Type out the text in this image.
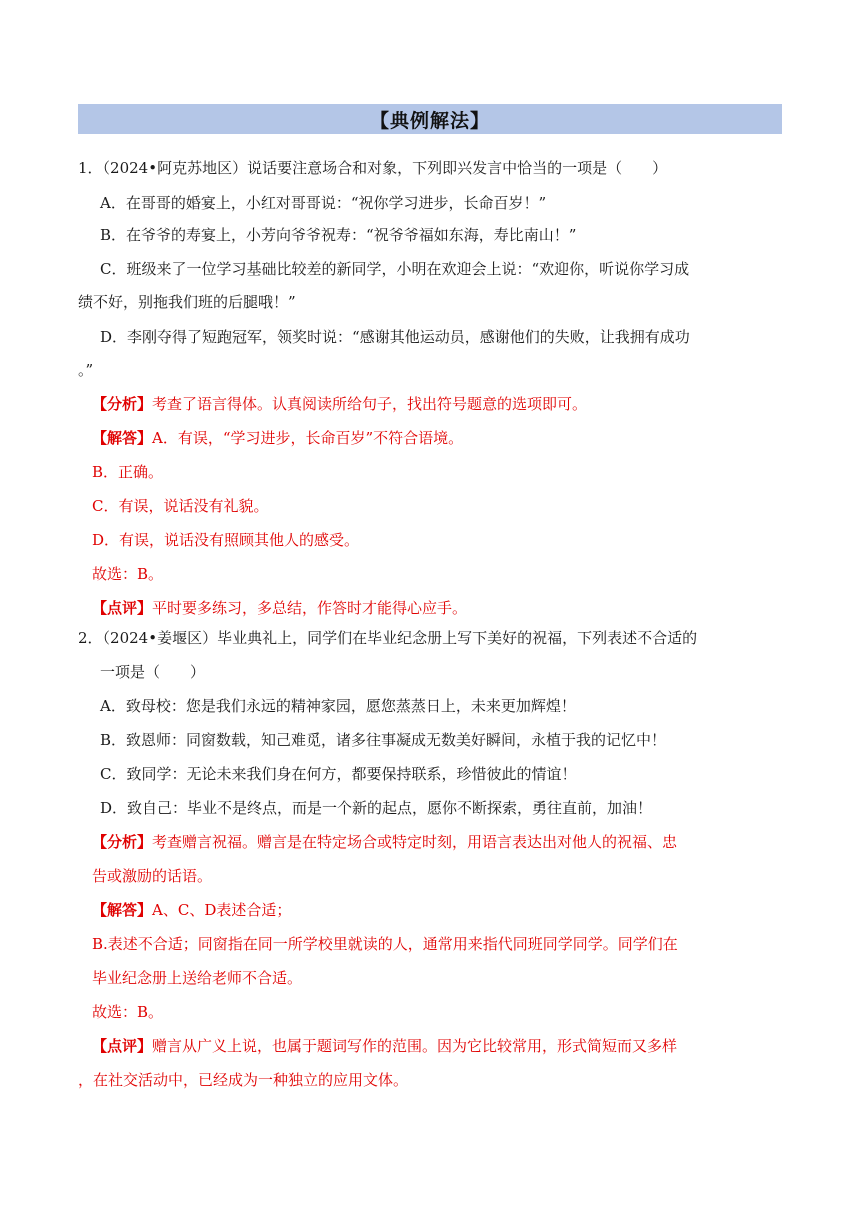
【典例解法】
1．（2024•阿克苏地区）说话要注意场合和对象，下列即兴发言中恰当的一项是（　　）
A．在哥哥的婚宴上，小红对哥哥说：“祝你学习进步，长命百岁！”
B．在爷爷的寿宴上，小芳向爷爷祝寿：“祝爷爷福如东海，寿比南山！”
C．班级来了一位学习基础比较差的新同学，小明在欢迎会上说：“欢迎你，听说你学习成
绩不好，别拖我们班的后腿哦！”
D．李刚夺得了短跑冠军，领奖时说：“感谢其他运动员，感谢他们的失败，让我拥有成功
。”
【分析】考查了语言得体。认真阅读所给句子，找出符号题意的选项即可。
【解答】A．有误，“学习进步，长命百岁”不符合语境。
B．正确。
C．有误，说话没有礼貌。
D．有误，说话没有照顾其他人的感受。
故选：B。
【点评】平时要多练习，多总结，作答时才能得心应手。
2．（2024•姜堰区）毕业典礼上，同学们在毕业纪念册上写下美好的祝福，下列表述不合适的
一项是（　　）
A．致母校：您是我们永远的精神家园，愿您蒸蒸日上，未来更加辉煌！
B．致恩师：同窗数载，知己难觅，诸多往事凝成无数美好瞬间，永植于我的记忆中！
C．致同学：无论未来我们身在何方，都要保持联系，珍惜彼此的情谊！
D．致自己：毕业不是终点，而是一个新的起点，愿你不断探索，勇往直前，加油！
【分析】考查赠言祝福。赠言是在特定场合或特定时刻，用语言表达出对他人的祝福、忠
告或激励的话语。
【解答】A、C、D表述合适；
B.表述不合适；同窗指在同一所学校里就读的人，通常用来指代同班同学同学。同学们在
毕业纪念册上送给老师不合适。
故选：B。
【点评】赠言从广义上说，也属于题词写作的范围。因为它比较常用，形式简短而又多样
，在社交活动中，已经成为一种独立的应用文体。
